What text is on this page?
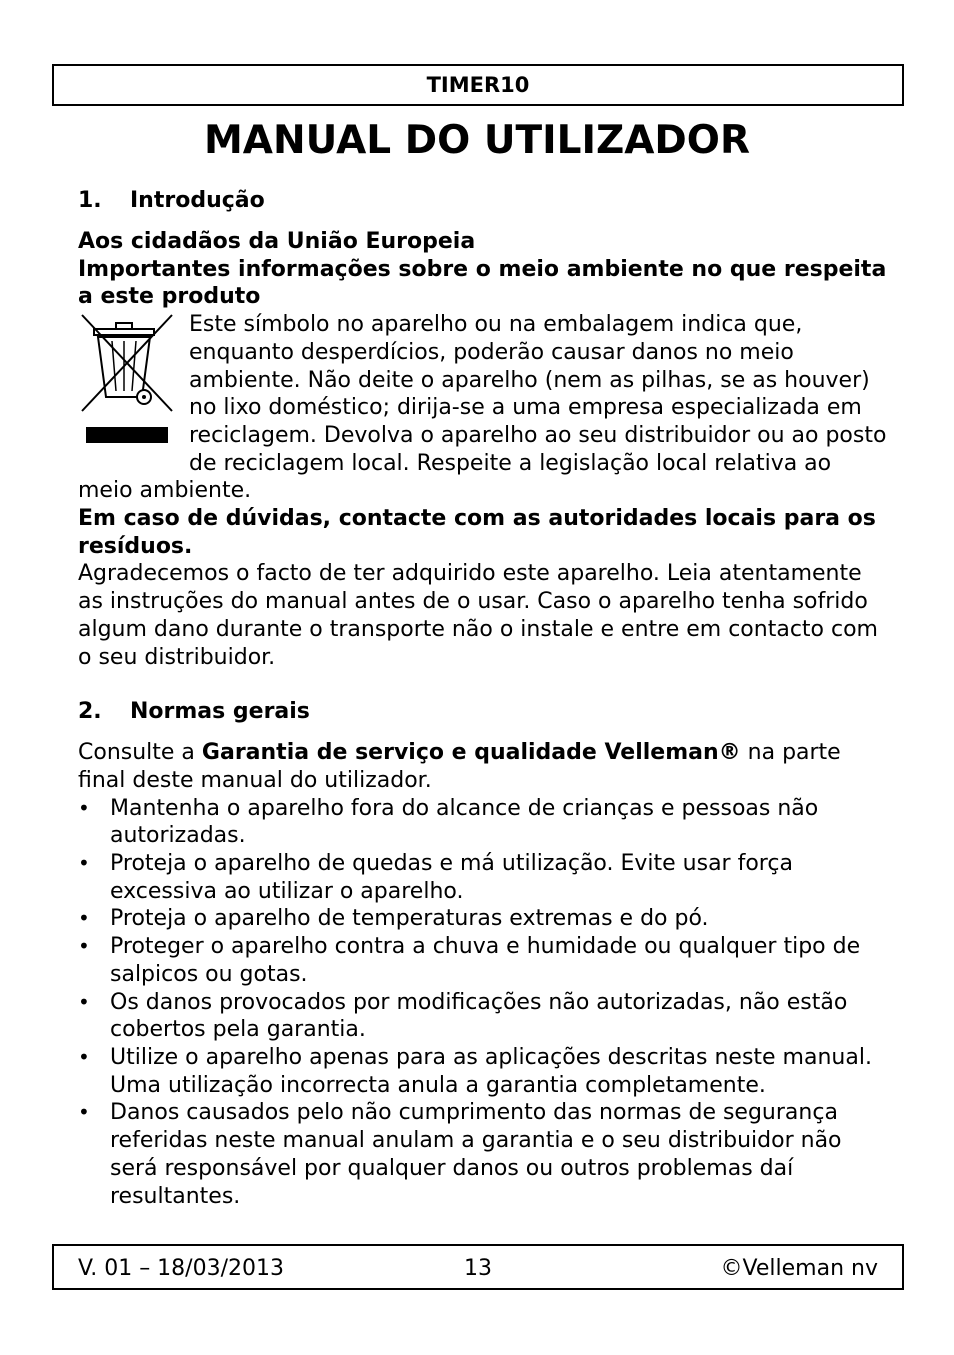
TIMER10
MANUAL DO UTILIZADOR
1.	Introdução

Aos cidadãos da União Europeia

Importantes informações sobre o meio ambiente no que respeita a este produto

Este símbolo no aparelho ou na embalagem indica que, enquanto desperdícios, poderão causar danos no meio ambiente. Não deite o aparelho (nem as pilhas, se as houver) no lixo doméstico; dirija-se a uma empresa especializada em reciclagem. Devolva o aparelho ao seu distribuidor ou ao posto de reciclagem local. Respeite a legislação local relativa ao meio ambiente.

Em caso de dúvidas, contacte com as autoridades locais para os resíduos.

Agradecemos o facto de ter adquirido este aparelho. Leia atentamente as instruções do manual antes de o usar. Caso o aparelho tenha sofrido algum dano durante o transporte não o instale e entre em contacto com o seu distribuidor.

2.	Normas gerais

Consulte a Garantia de serviço e qualidade Velleman® na parte final deste manual do utilizador.

• Mantenha o aparelho fora do alcance de crianças e pessoas não autorizadas.
• Proteja o aparelho de quedas e má utilização. Evite usar força excessiva ao utilizar o aparelho.
• Proteja o aparelho de temperaturas extremas e do pó.
• Proteger o aparelho contra a chuva e humidade ou qualquer tipo de salpicos ou gotas.
• Os danos provocados por modificações não autorizadas, não estão cobertos pela garantia.
• Utilize o aparelho apenas para as aplicações descritas neste manual. Uma utilização incorrecta anula a garantia completamente.
• Danos causados pelo não cumprimento das normas de segurança referidas neste manual anulam a garantia e o seu distribuidor não será responsável por qualquer danos ou outros problemas daí resultantes.
V. 01 – 18/03/2013	13	©Velleman nv
